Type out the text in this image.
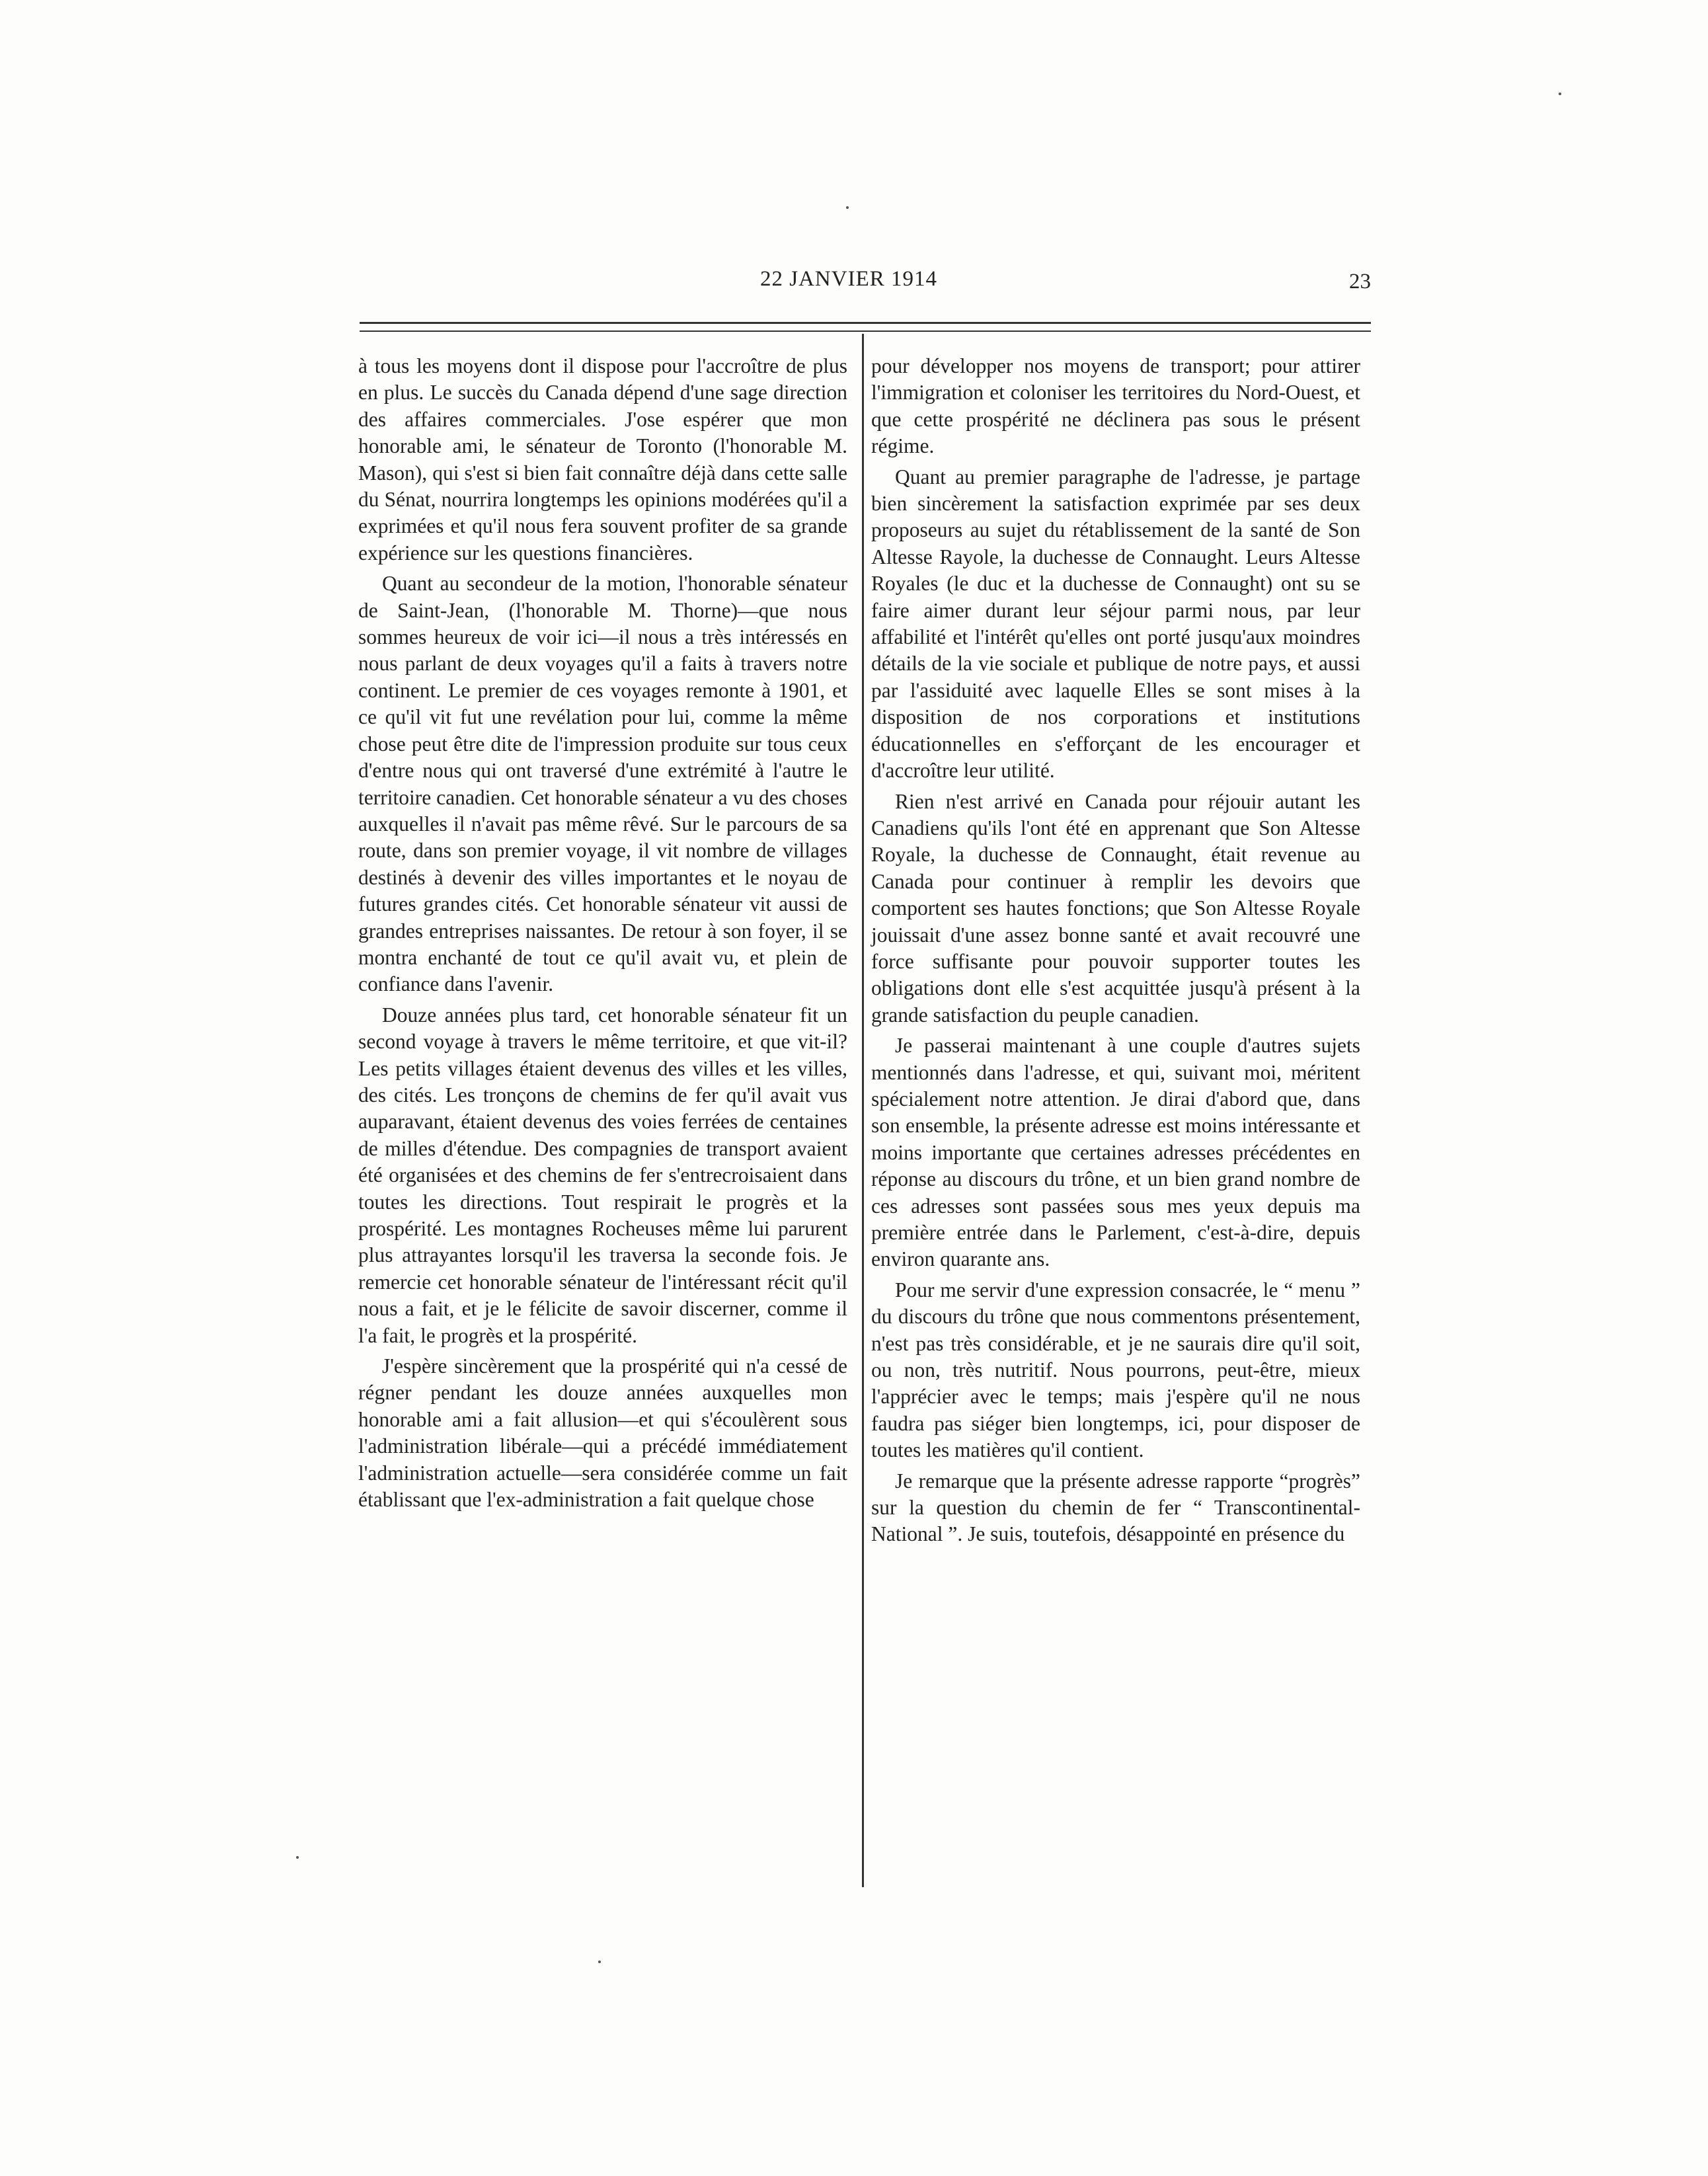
22 JANVIER 1914	23

à tous les moyens dont il dispose pour l'accroître de plus en plus. Le succès du Canada dépend d'une sage direction des affaires commerciales. J'ose espérer que mon honorable ami, le sénateur de Toronto (l'honorable M. Mason), qui s'est si bien fait connaître déjà dans cette salle du Sénat, nourrira longtemps les opinions modérées qu'il a exprimées et qu'il nous fera souvent profiter de sa grande expérience sur les questions financières.

Quant au secondeur de la motion, l'honorable sénateur de Saint-Jean, (l'honorable M. Thorne)—que nous sommes heureux de voir ici—il nous a très intéressés en nous parlant de deux voyages qu'il a faits à travers notre continent. Le premier de ces voyages remonte à 1901, et ce qu'il vit fut une revélation pour lui, comme la même chose peut être dite de l'impression produite sur tous ceux d'entre nous qui ont traversé d'une extrémité à l'autre le territoire canadien. Cet honorable sénateur a vu des choses auxquelles il n'avait pas même rêvé. Sur le parcours de sa route, dans son premier voyage, il vit nombre de villages destinés à devenir des villes importantes et le noyau de futures grandes cités. Cet honorable sénateur vit aussi de grandes entreprises naissantes. De retour à son foyer, il se montra enchanté de tout ce qu'il avait vu, et plein de confiance dans l'avenir.

Douze années plus tard, cet honorable sénateur fit un second voyage à travers le même territoire, et que vit-il? Les petits villages étaient devenus des villes et les villes, des cités. Les tronçons de chemins de fer qu'il avait vus auparavant, étaient devenus des voies ferrées de centaines de milles d'étendue. Des compagnies de transport avaient été organisées et des chemins de fer s'entrecroisaient dans toutes les directions. Tout respirait le progrès et la prospérité. Les montagnes Rocheuses même lui parurent plus attrayantes lorsqu'il les traversa la seconde fois. Je remercie cet honorable sénateur de l'intéressant récit qu'il nous a fait, et je le félicite de savoir discerner, comme il l'a fait, le progrès et la prospérité.

J'espère sincèrement que la prospérité qui n'a cessé de régner pendant les douze années auxquelles mon honorable ami a fait allusion—et qui s'écoulèrent sous l'administration libérale—qui a précédé immédiatement l'administration actuelle—sera considérée comme un fait établissant que l'ex-administration a fait quelque chose

pour développer nos moyens de transport; pour attirer l'immigration et coloniser les territoires du Nord-Ouest, et que cette prospérité ne déclinera pas sous le présent régime.

Quant au premier paragraphe de l'adresse, je partage bien sincèrement la satisfaction exprimée par ses deux proposeurs au sujet du rétablissement de la santé de Son Altesse Rayole, la duchesse de Connaught. Leurs Altesse Royales (le duc et la duchesse de Connaught) ont su se faire aimer durant leur séjour parmi nous, par leur affabilité et l'intérêt qu'elles ont porté jusqu'aux moindres détails de la vie sociale et publique de notre pays, et aussi par l'assiduité avec laquelle Elles se sont mises à la disposition de nos corporations et institutions éducationnelles en s'efforçant de les encourager et d'accroître leur utilité.

Rien n'est arrivé en Canada pour réjouir autant les Canadiens qu'ils l'ont été en apprenant que Son Altesse Royale, la duchesse de Connaught, était revenue au Canada pour continuer à remplir les devoirs que comportent ses hautes fonctions; que Son Altesse Royale jouissait d'une assez bonne santé et avait recouvré une force suffisante pour pouvoir supporter toutes les obligations dont elle s'est acquittée jusqu'à présent à la grande satisfaction du peuple canadien.

Je passerai maintenant à une couple d'autres sujets mentionnés dans l'adresse, et qui, suivant moi, méritent spécialement notre attention. Je dirai d'abord que, dans son ensemble, la présente adresse est moins intéressante et moins importante que certaines adresses précédentes en réponse au discours du trône, et un bien grand nombre de ces adresses sont passées sous mes yeux depuis ma première entrée dans le Parlement, c'est-à-dire, depuis environ quarante ans.

Pour me servir d'une expression consacrée, le “ menu ” du discours du trône que nous commentons présentement, n'est pas très considérable, et je ne saurais dire qu'il soit, ou non, très nutritif. Nous pourrons, peut-être, mieux l'apprécier avec le temps; mais j'espère qu'il ne nous faudra pas siéger bien longtemps, ici, pour disposer de toutes les matières qu'il contient.

Je remarque que la présente adresse rapporte “progrès” sur la question du chemin de fer “ Transcontinental-National ”. Je suis, toutefois, désappointé en présence du
